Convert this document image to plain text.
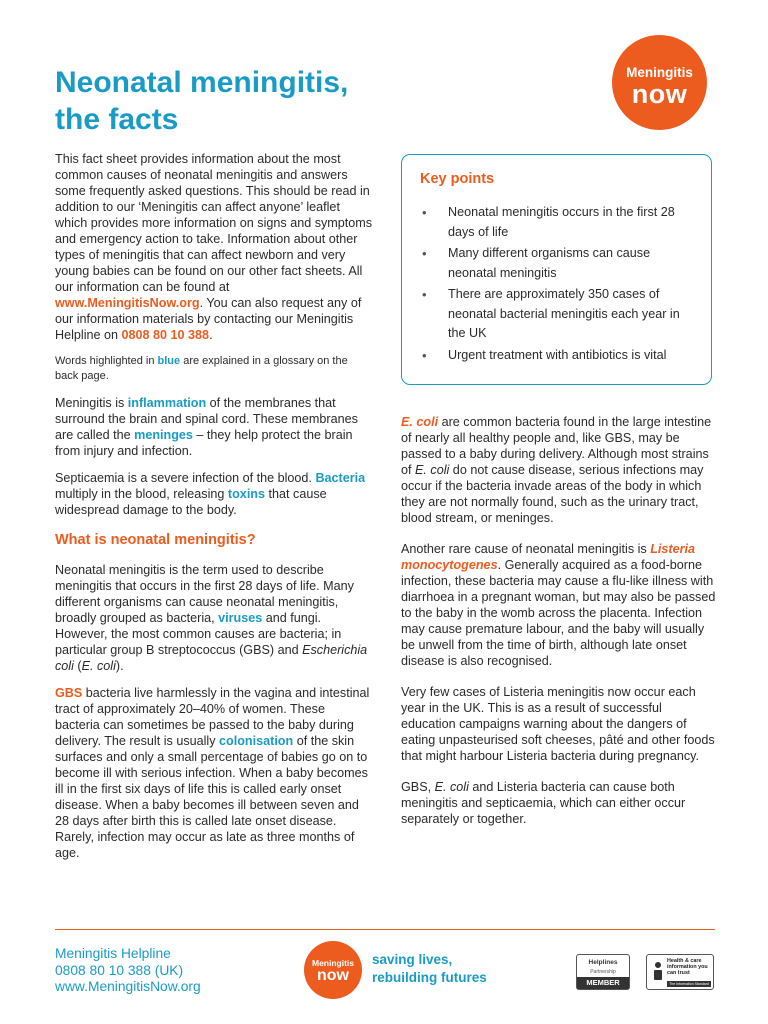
Neonatal meningitis,
the facts
Meningitis
now

This fact sheet provides information about the most common causes of neonatal meningitis and answers some frequently asked questions. This should be read in addition to our ‘Meningitis can affect anyone’ leaflet which provides more information on signs and symptoms and emergency action to take. Information about other types of meningitis that can affect newborn and very young babies can be found on our other fact sheets. All our information can be found at www.MeningitisNow.org. You can also request any of our information materials by contacting our Meningitis Helpline on 0808 80 10 388.

Words highlighted in blue are explained in a glossary on the back page.

Meningitis is inflammation of the membranes that surround the brain and spinal cord. These membranes are called the meninges – they help protect the brain from injury and infection.

Septicaemia is a severe infection of the blood. Bacteria multiply in the blood, releasing toxins that cause widespread damage to the body.

What is neonatal meningitis?

Neonatal meningitis is the term used to describe meningitis that occurs in the first 28 days of life. Many different organisms can cause neonatal meningitis, broadly grouped as bacteria, viruses and fungi. However, the most common causes are bacteria; in particular group B streptococcus (GBS) and Escherichia coli (E. coli).

GBS bacteria live harmlessly in the vagina and intestinal tract of approximately 20–40% of women. These bacteria can sometimes be passed to the baby during delivery. The result is usually colonisation of the skin surfaces and only a small percentage of babies go on to become ill with serious infection. When a baby becomes ill in the first six days of life this is called early onset disease. When a baby becomes ill between seven and 28 days after birth this is called late onset disease. Rarely, infection may occur as late as three months of age.

Key points
• Neonatal meningitis occurs in the first 28 days of life
• Many different organisms can cause neonatal meningitis
• There are approximately 350 cases of neonatal bacterial meningitis each year in the UK
• Urgent treatment with antibiotics is vital

E. coli are common bacteria found in the large intestine of nearly all healthy people and, like GBS, may be passed to a baby during delivery. Although most strains of E. coli do not cause disease, serious infections may occur if the bacteria invade areas of the body in which they are not normally found, such as the urinary tract, blood stream, or meninges.

Another rare cause of neonatal meningitis is Listeria monocytogenes. Generally acquired as a food-borne infection, these bacteria may cause a flu-like illness with diarrhoea in a pregnant woman, but may also be passed to the baby in the womb across the placenta. Infection may cause premature labour, and the baby will usually be unwell from the time of birth, although late onset disease is also recognised.

Very few cases of Listeria meningitis now occur each year in the UK. This is as a result of successful education campaigns warning about the dangers of eating unpasteurised soft cheeses, pâté and other foods that might harbour Listeria bacteria during pregnancy.

GBS, E. coli and Listeria bacteria can cause both meningitis and septicaemia, which can either occur separately or together.

Meningitis Helpline
0808 80 10 388 (UK)
www.MeningitisNow.org
Meningitis
now
saving lives,
rebuilding futures
Helplines
Partnership
MEMBER
Health & care information you can trust
The Information Standard
